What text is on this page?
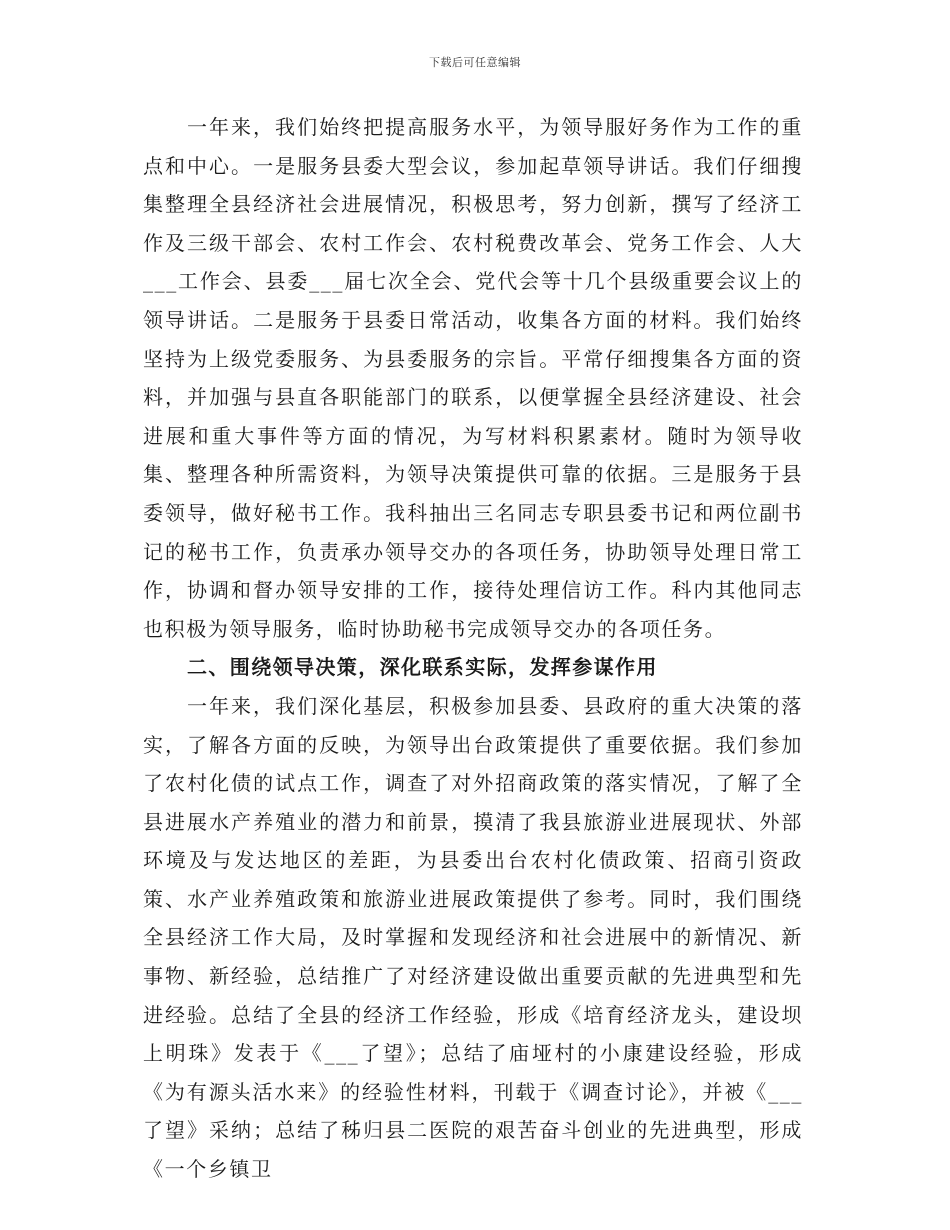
下载后可任意编辑

一年来，我们始终把提高服务水平，为领导服好务作为工作的重点和中心。一是服务县委大型会议，参加起草领导讲话。我们仔细搜集整理全县经济社会进展情况，积极思考，努力创新，撰写了经济工作及三级干部会、农村工作会、农村税费改革会、党务工作会、人大___工作会、县委___届七次全会、党代会等十几个县级重要会议上的领导讲话。二是服务于县委日常活动，收集各方面的材料。我们始终坚持为上级党委服务、为县委服务的宗旨。平常仔细搜集各方面的资料，并加强与县直各职能部门的联系，以便掌握全县经济建设、社会进展和重大事件等方面的情况，为写材料积累素材。随时为领导收集、整理各种所需资料，为领导决策提供可靠的依据。三是服务于县委领导，做好秘书工作。我科抽出三名同志专职县委书记和两位副书记的秘书工作，负责承办领导交办的各项任务，协助领导处理日常工作，协调和督办领导安排的工作，接待处理信访工作。科内其他同志也积极为领导服务，临时协助秘书完成领导交办的各项任务。

二、围绕领导决策，深化联系实际，发挥参谋作用

一年来，我们深化基层，积极参加县委、县政府的重大决策的落实，了解各方面的反映，为领导出台政策提供了重要依据。我们参加了农村化债的试点工作，调查了对外招商政策的落实情况，了解了全县进展水产养殖业的潜力和前景，摸清了我县旅游业进展现状、外部环境及与发达地区的差距，为县委出台农村化债政策、招商引资政策、水产业养殖政策和旅游业进展政策提供了参考。同时，我们围绕全县经济工作大局，及时掌握和发现经济和社会进展中的新情况、新事物、新经验，总结推广了对经济建设做出重要贡献的先进典型和先进经验。总结了全县的经济工作经验，形成《培育经济龙头，建设坝上明珠》发表于《___了望》；总结了庙垭村的小康建设经验，形成《为有源头活水来》的经验性材料，刊载于《调查讨论》，并被《___了望》采纳；总结了秭归县二医院的艰苦奋斗创业的先进典型，形成《一个乡镇卫
